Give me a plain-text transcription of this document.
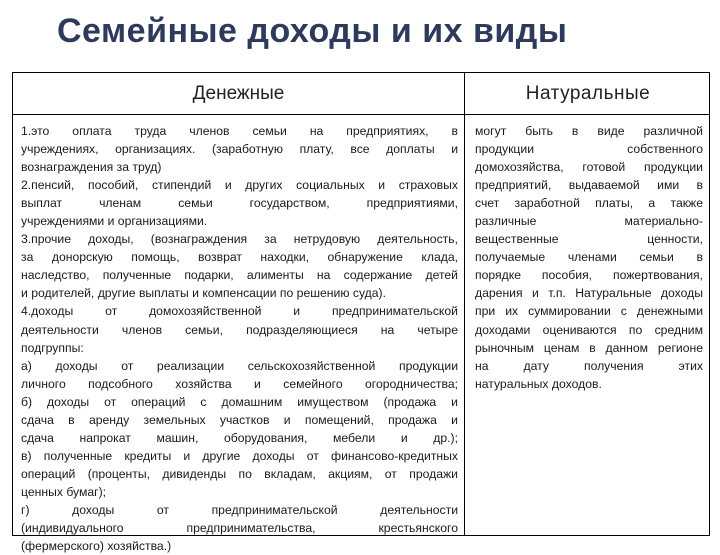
Семейные доходы и их виды
Денежные	Натуральные
1.это оплата труда членов семьи на предприятиях, в
учреждениях, организациях. (заработную плату, все доплаты и
вознаграждения за труд)
2.пенсий, пособий, стипендий и других социальных и страховых
выплат членам семьи государством, предприятиями,
учреждениями и организациями.
3.прочие доходы, (вознаграждения за нетрудовую деятельность,
за донорскую помощь, возврат находки, обнаружение клада,
наследство, полученные подарки, алименты на содержание детей
и родителей, другие выплаты и компенсации по решению суда).
4.доходы от домохозяйственной и предпринимательской
деятельности членов семьи, подразделяющиеся на четыре
подгруппы:
а) доходы от реализации сельскохозяйственной продукции
личного подсобного хозяйства и семейного огородничества;
б) доходы от операций с домашним имуществом (продажа и
сдача в аренду земельных участков и помещений, продажа и
сдача напрокат машин, оборудования, мебели и др.);
в) полученные кредиты и другие доходы от финансово-кредитных
операций (проценты, дивиденды по вкладам, акциям, от продажи
ценных бумаг);
г) доходы от предпринимательской деятельности
(индивидуального предпринимательства, крестьянского
(фермерского) хозяйства.)
могут быть в виде различной
продукции собственного
домохозяйства, готовой продукции
предприятий, выдаваемой ими в
счет заработной платы, а также
различные материально-
вещественные ценности,
получаемые членами семьи в
порядке пособия, пожертвования,
дарения и т.п. Натуральные доходы
при их суммировании с денежными
доходами оцениваются по средним
рыночным ценам в данном регионе
на дату получения этих
натуральных доходов.
